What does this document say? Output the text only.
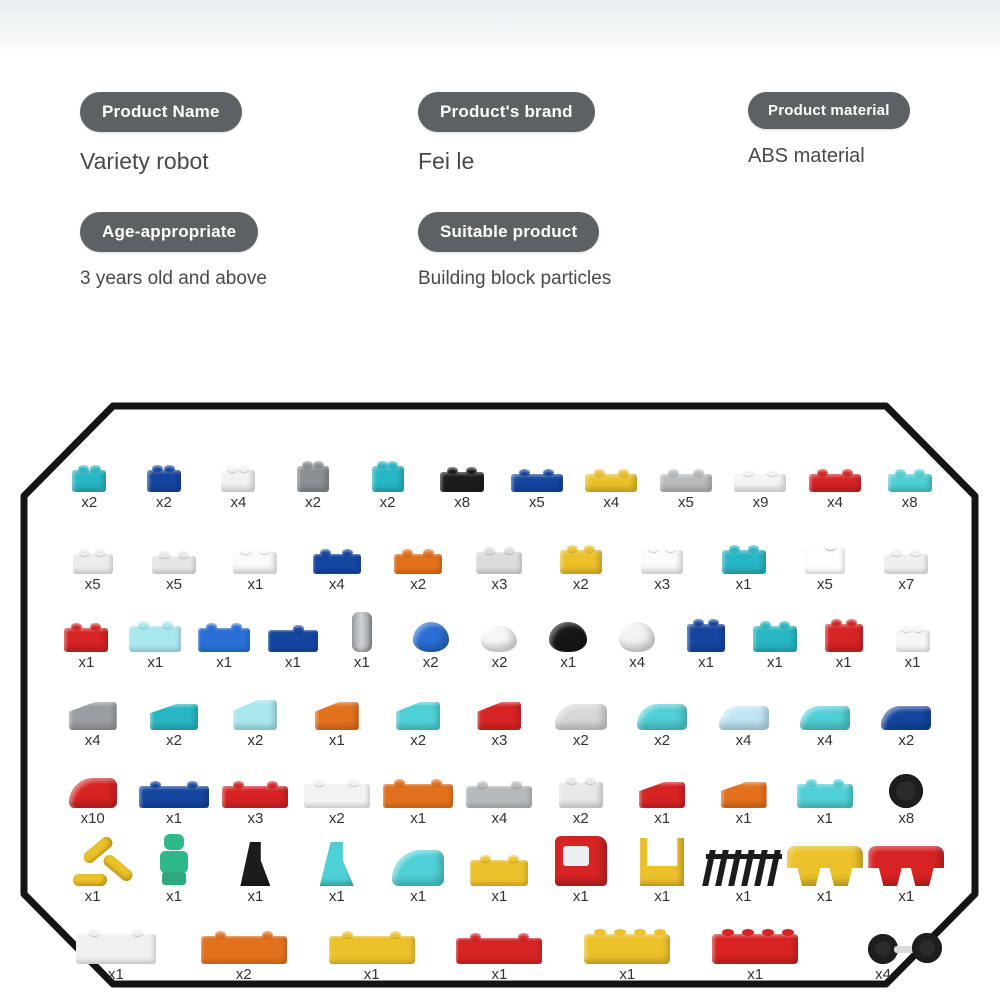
Product Name
Variety robot
Product's brand
Fei le
Product material
ABS material
Age-appropriate
3 years old and above
Suitable product
Building block particles
x2	x2	x4	x2	x2	x8	x5	x4	x5	x9	x4	x8
x5	x5	x1	x4	x2	x3	x2	x3	x1	x5	x7
x1	x1	x1	x1	x1	x2	x2	x1	x4	x1	x1	x1	x1
x4	x2	x2	x1	x2	x3	x2	x2	x4	x4	x2
x10	x1	x3	x2	x1	x4	x2	x1	x1	x1	x8
x1	x1	x1	x1	x1	x1	x1	x1	x1	x1	x1
x1	x2	x1	x1	x1	x1	x4
